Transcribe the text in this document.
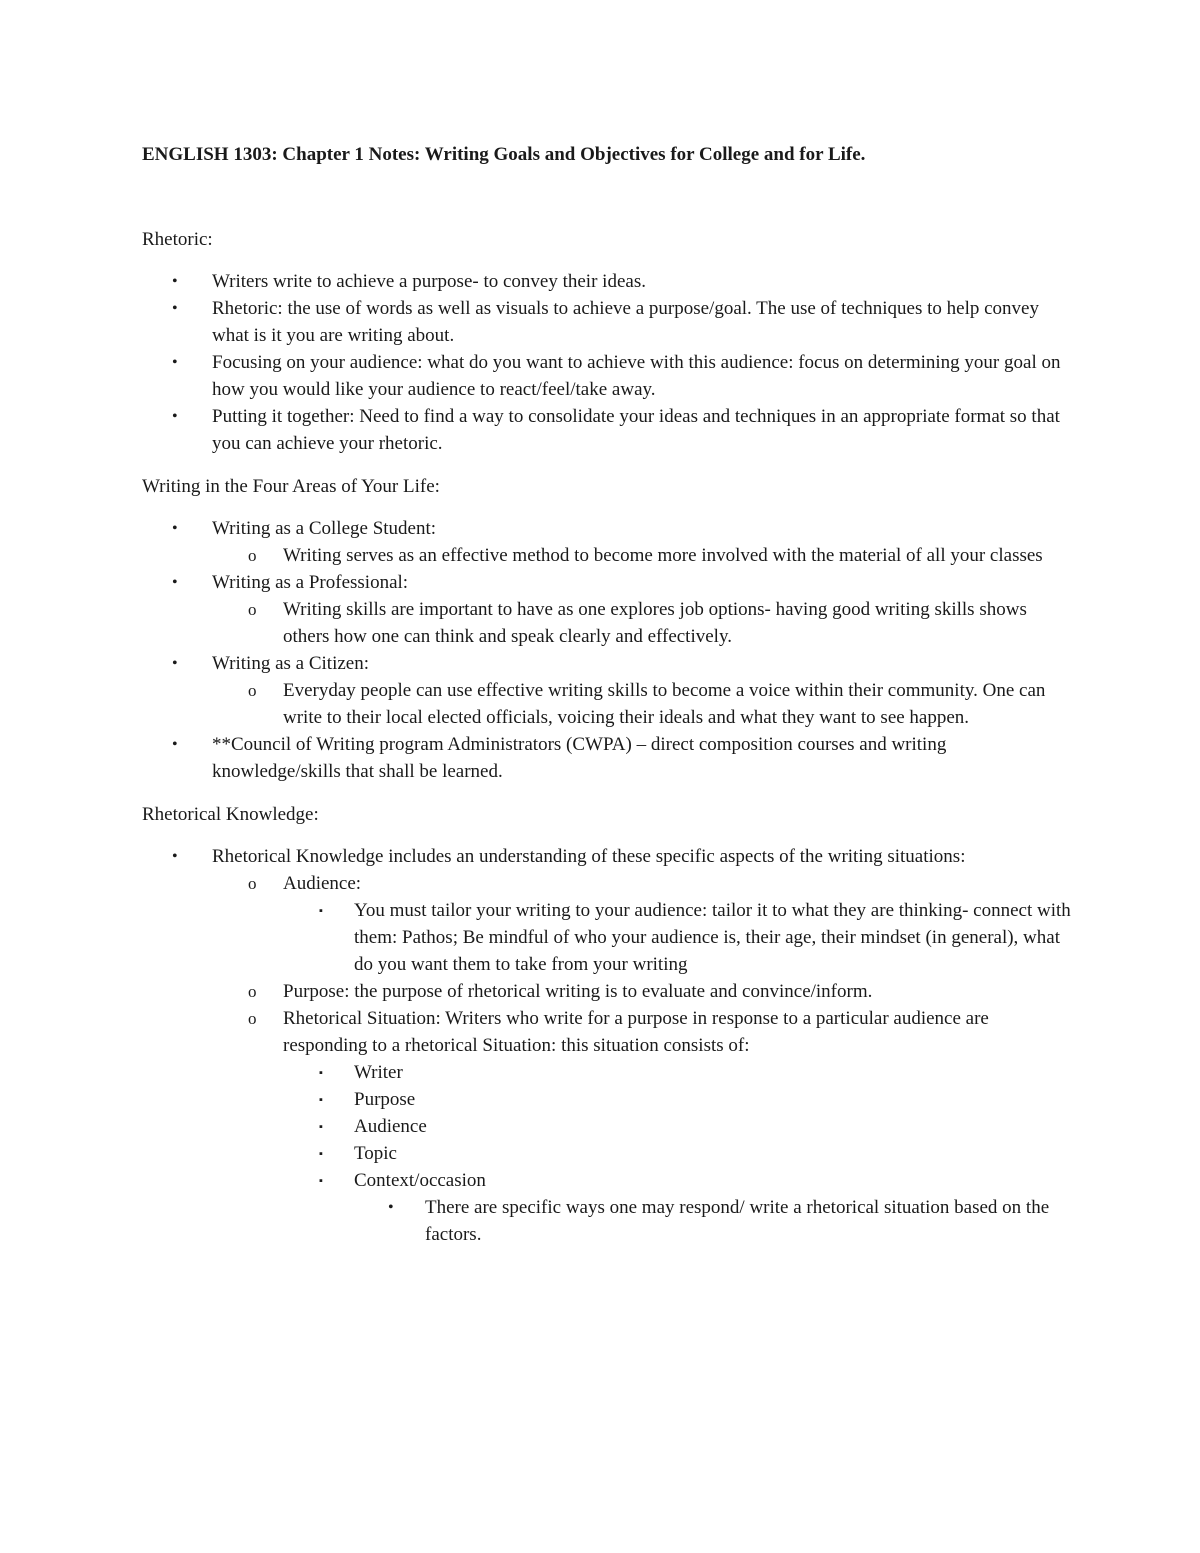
ENGLISH 1303: Chapter 1 Notes: Writing Goals and Objectives for College and for Life.

Rhetoric:

• Writers write to achieve a purpose- to convey their ideas.
• Rhetoric: the use of words as well as visuals to achieve a purpose/goal. The use of techniques to help convey what is it you are writing about.
• Focusing on your audience: what do you want to achieve with this audience: focus on determining your goal on how you would like your audience to react/feel/take away.
• Putting it together: Need to find a way to consolidate your ideas and techniques in an appropriate format so that you can achieve your rhetoric.

Writing in the Four Areas of Your Life:

• Writing as a College Student:
o Writing serves as an effective method to become more involved with the material of all your classes
• Writing as a Professional:
o Writing skills are important to have as one explores job options- having good writing skills shows others how one can think and speak clearly and effectively.
• Writing as a Citizen:
o Everyday people can use effective writing skills to become a voice within their community. One can write to their local elected officials, voicing their ideals and what they want to see happen.
• **Council of Writing program Administrators (CWPA) – direct composition courses and writing knowledge/skills that shall be learned.

Rhetorical Knowledge:

• Rhetorical Knowledge includes an understanding of these specific aspects of the writing situations:
o Audience:
▪ You must tailor your writing to your audience: tailor it to what they are thinking- connect with them: Pathos; Be mindful of who your audience is, their age, their mindset (in general), what do you want them to take from your writing
o Purpose: the purpose of rhetorical writing is to evaluate and convince/inform.
o Rhetorical Situation: Writers who write for a purpose in response to a particular audience are responding to a rhetorical Situation: this situation consists of:
▪ Writer
▪ Purpose
▪ Audience
▪ Topic
▪ Context/occasion
• There are specific ways one may respond/ write a rhetorical situation based on the factors.
